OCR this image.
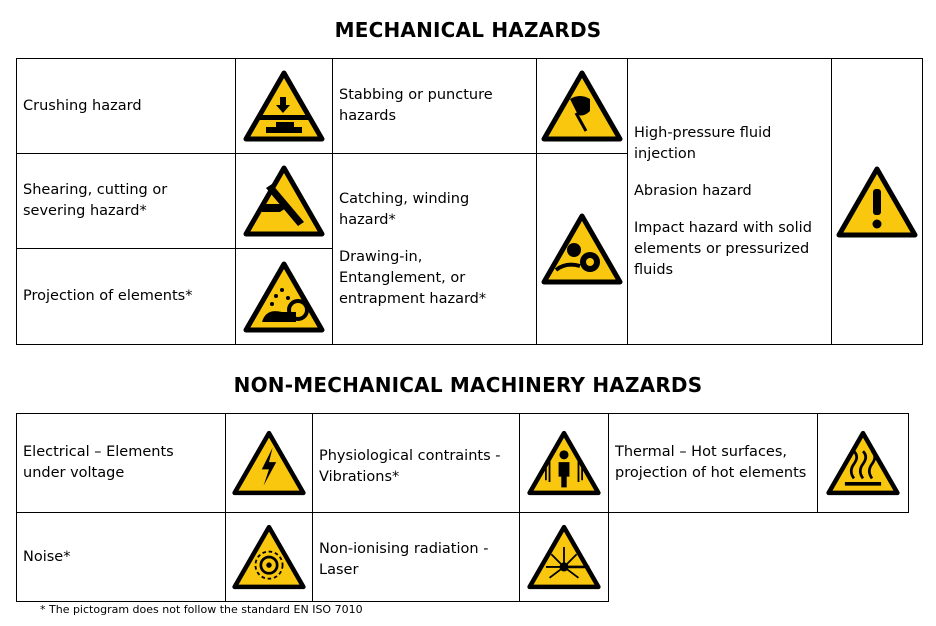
MECHANICAL HAZARDS
Crushing hazard
Stabbing or puncture hazards
Shearing, cutting or severing hazard*
Catching, winding hazard*
Drawing-in, Entanglement, or entrapment hazard*
High-pressure fluid injection
Abrasion hazard
Impact hazard with solid elements or pressurized fluids
Projection of elements*
NON-MECHANICAL MACHINERY HAZARDS
Electrical – Elements under voltage
Physiological contraints - Vibrations*
Thermal – Hot surfaces, projection of hot elements
Noise*	Non-ionising radiation - Laser
* The pictogram does not follow the standard EN ISO 7010
